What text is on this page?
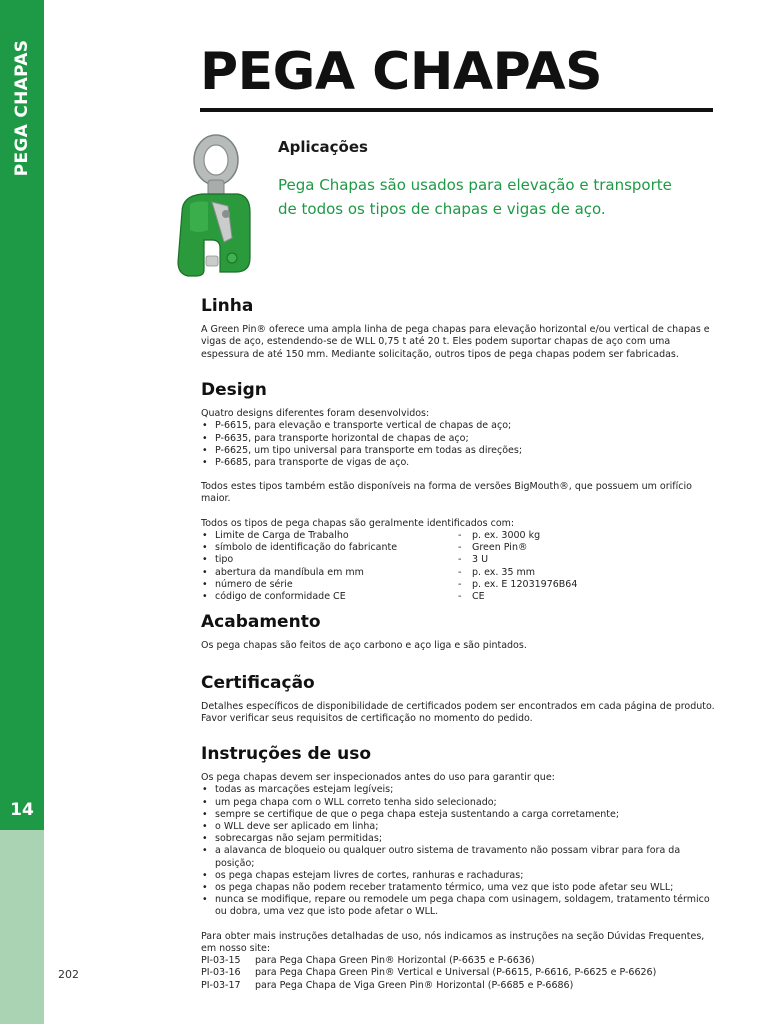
PEGA CHAPAS
14
202
PEGA CHAPAS
Aplicações
Pega Chapas são usados para elevação e transporte
de todos os tipos de chapas e vigas de aço.
Linha

A Green Pin® oferece uma ampla linha de pega chapas para elevação horizontal e/ou vertical de chapas e vigas de aço, estendendo-se de WLL 0,75 t até 20 t. Eles podem suportar chapas de aço com uma espessura de até 150 mm. Mediante solicitação, outros tipos de pega chapas podem ser fabricadas.

Design

Quatro designs diferentes foram desenvolvidos:

• P-6615, para elevação e transporte vertical de chapas de aço;
• P-6635, para transporte horizontal de chapas de aço;
• P-6625, um tipo universal para transporte em todas as direções;
• P-6685, para transporte de vigas de aço.

Todos estes tipos também estão disponíveis na forma de versões BigMouth®, que possuem um orifício maior.

Todos os tipos de pega chapas são geralmente identificados com:

• Limite de Carga de Trabalho	- p. ex. 3000 kg
• símbolo de identificação do fabricante	- Green Pin®
• tipo	- 3 U
• abertura da mandíbula em mm	- p. ex. 35 mm
• número de série	- p. ex. E 12031976B64
• código de conformidade CE	- CE
Acabamento

Os pega chapas são feitos de aço carbono e aço liga e são pintados.

Certificação

Detalhes específicos de disponibilidade de certificados podem ser encontrados em cada página de produto.

Favor verificar seus requisitos de certificação no momento do pedido.

Instruções de uso

Os pega chapas devem ser inspecionados antes do uso para garantir que:

• todas as marcações estejam legíveis;
• um pega chapa com o WLL correto tenha sido selecionado;
• sempre se certifique de que o pega chapa esteja sustentando a carga corretamente;
• o WLL deve ser aplicado em linha;
• sobrecargas não sejam permitidas;
• a alavanca de bloqueio ou qualquer outro sistema de travamento não possam vibrar para fora da posição;
• os pega chapas estejam livres de cortes, ranhuras e rachaduras;
• os pega chapas não podem receber tratamento térmico, uma vez que isto pode afetar seu WLL;
• nunca se modifique, repare ou remodele um pega chapa com usinagem, soldagem, tratamento térmico ou dobra, uma vez que isto pode afetar o WLL.

Para obter mais instruções detalhadas de uso, nós indicamos as instruções na seção Dúvidas Frequentes,

em nosso site:

PI-03-15 para Pega Chapa Green Pin® Horizontal (P-6635 e P-6636)
PI-03-16 para Pega Chapa Green Pin® Vertical e Universal (P-6615, P-6616, P-6625 e P-6626)
PI-03-17 para Pega Chapa de Viga Green Pin® Horizontal (P-6685 e P-6686)
